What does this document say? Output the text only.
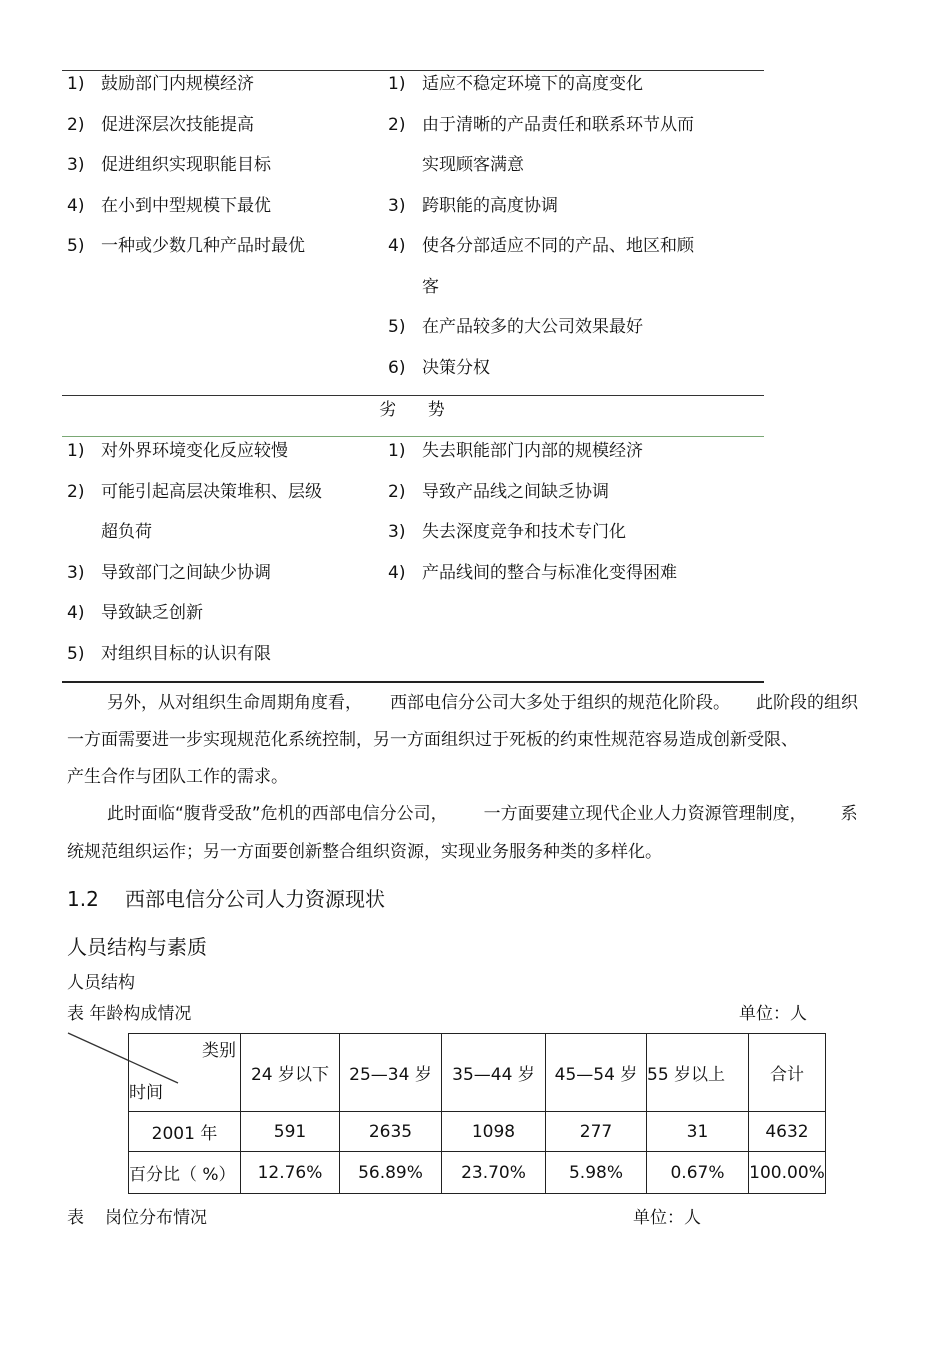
1) 鼓励部门内规模经济
2) 促进深层次技能提高
3) 促进组织实现职能目标
4) 在小到中型规模下最优
5) 一种或少数几种产品时最优
1) 适应不稳定环境下的高度变化
2) 由于清晰的产品责任和联系环节从而
实现顾客满意
3) 跨职能的高度协调
4) 使各分部适应不同的产品、地区和顾
客
5) 在产品较多的大公司效果最好
6) 决策分权
劣 势
1) 对外界环境变化反应较慢
2) 可能引起高层决策堆积、层级
超负荷
3) 导致部门之间缺少协调
4) 导致缺乏创新
5) 对组织目标的认识有限
1) 失去职能部门内部的规模经济
2) 导致产品线之间缺乏协调
3) 失去深度竞争和技术专门化
4) 产品线间的整合与标准化变得困难
另外，从对组织生命周期角度看， 西部电信分公司大多处于组织的规范化阶段。 此阶段的组织
一方面需要进一步实现规范化系统控制，另一方面组织过于死板的约束性规范容易造成创新受限、
产生合作与团队工作的需求。
此时面临“腹背受敌”危机的西部电信分公司， 一方面要建立现代企业人力资源管理制度， 系
统规范组织运作；另一方面要创新整合组织资源，实现业务服务种类的多样化。
1.2 西部电信分公司人力资源现状
人员结构与素质
人员结构
表 年龄构成情况	单位：人
类别
时间	24 岁以下	25—34 岁	35—44 岁	45—54 岁	55 岁以上	合计
2001 年	591	2635	1098	277	31	4632
百分比（ %）	12.76%	56.89%	23.70%	5.98%	0.67%	100.00%
表 岗位分布情况	单位：人
